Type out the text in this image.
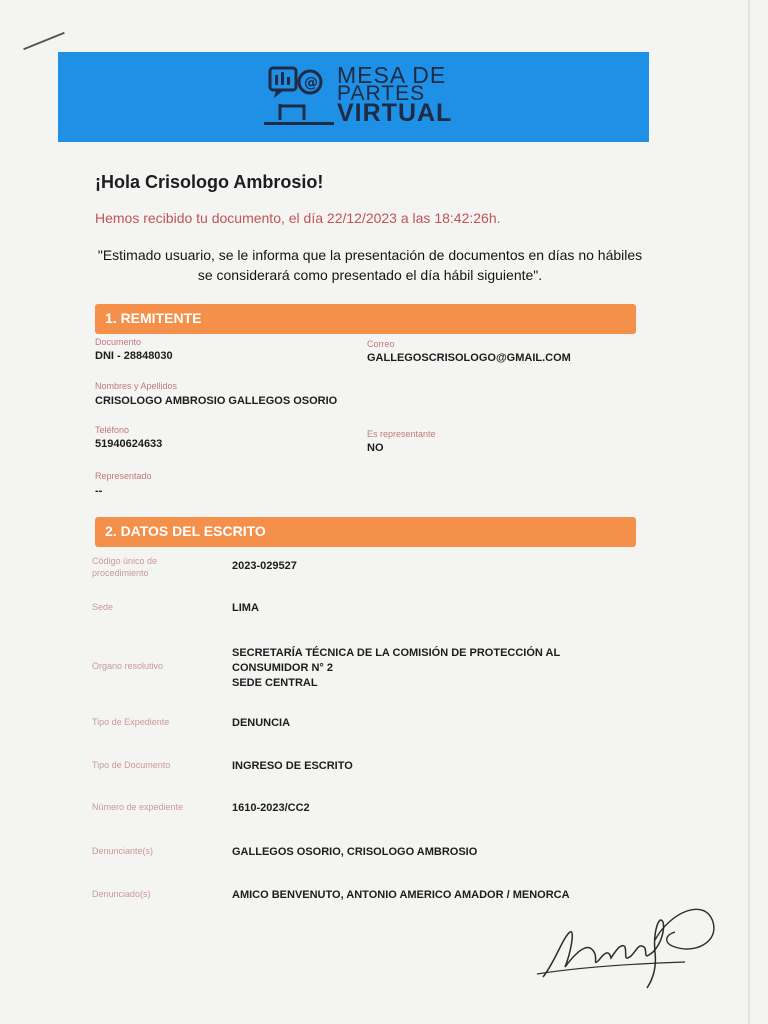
@ MESA DE
PARTES
VIRTUAL
¡Hola Crisologo Ambrosio!
Hemos recibido tu documento, el día 22/12/2023 a las 18:42:26h.
"Estimado usuario, se le informa que la presentación de documentos en días no hábiles se considerará como presentado el día hábil siguiente".
1. REMITENTE
Documento
DNI - 28848030
Correo
GALLEGOSCRISOLOGO@GMAIL.COM
Nombres y Apellidos
CRISOLOGO AMBROSIO GALLEGOS OSORIO
Teléfono
51940624633
Es representante
NO
Representado
--
2. DATOS DEL ESCRITO
Código único de procedimiento
2023-029527
Sede	LIMA
Organo resolutivo
SECRETARÍA TÉCNICA DE LA COMISIÓN DE PROTECCIÓN AL CONSUMIDOR N° 2
SEDE CENTRAL
Tipo de Expediente	DENUNCIA
Tipo de Documento	INGRESO DE ESCRITO
Número de expediente	1610-2023/CC2
Denunciante(s)	GALLEGOS OSORIO, CRISOLOGO AMBROSIO
Denunciado(s)	AMICO BENVENUTO, ANTONIO AMERICO AMADOR / MENORCA
